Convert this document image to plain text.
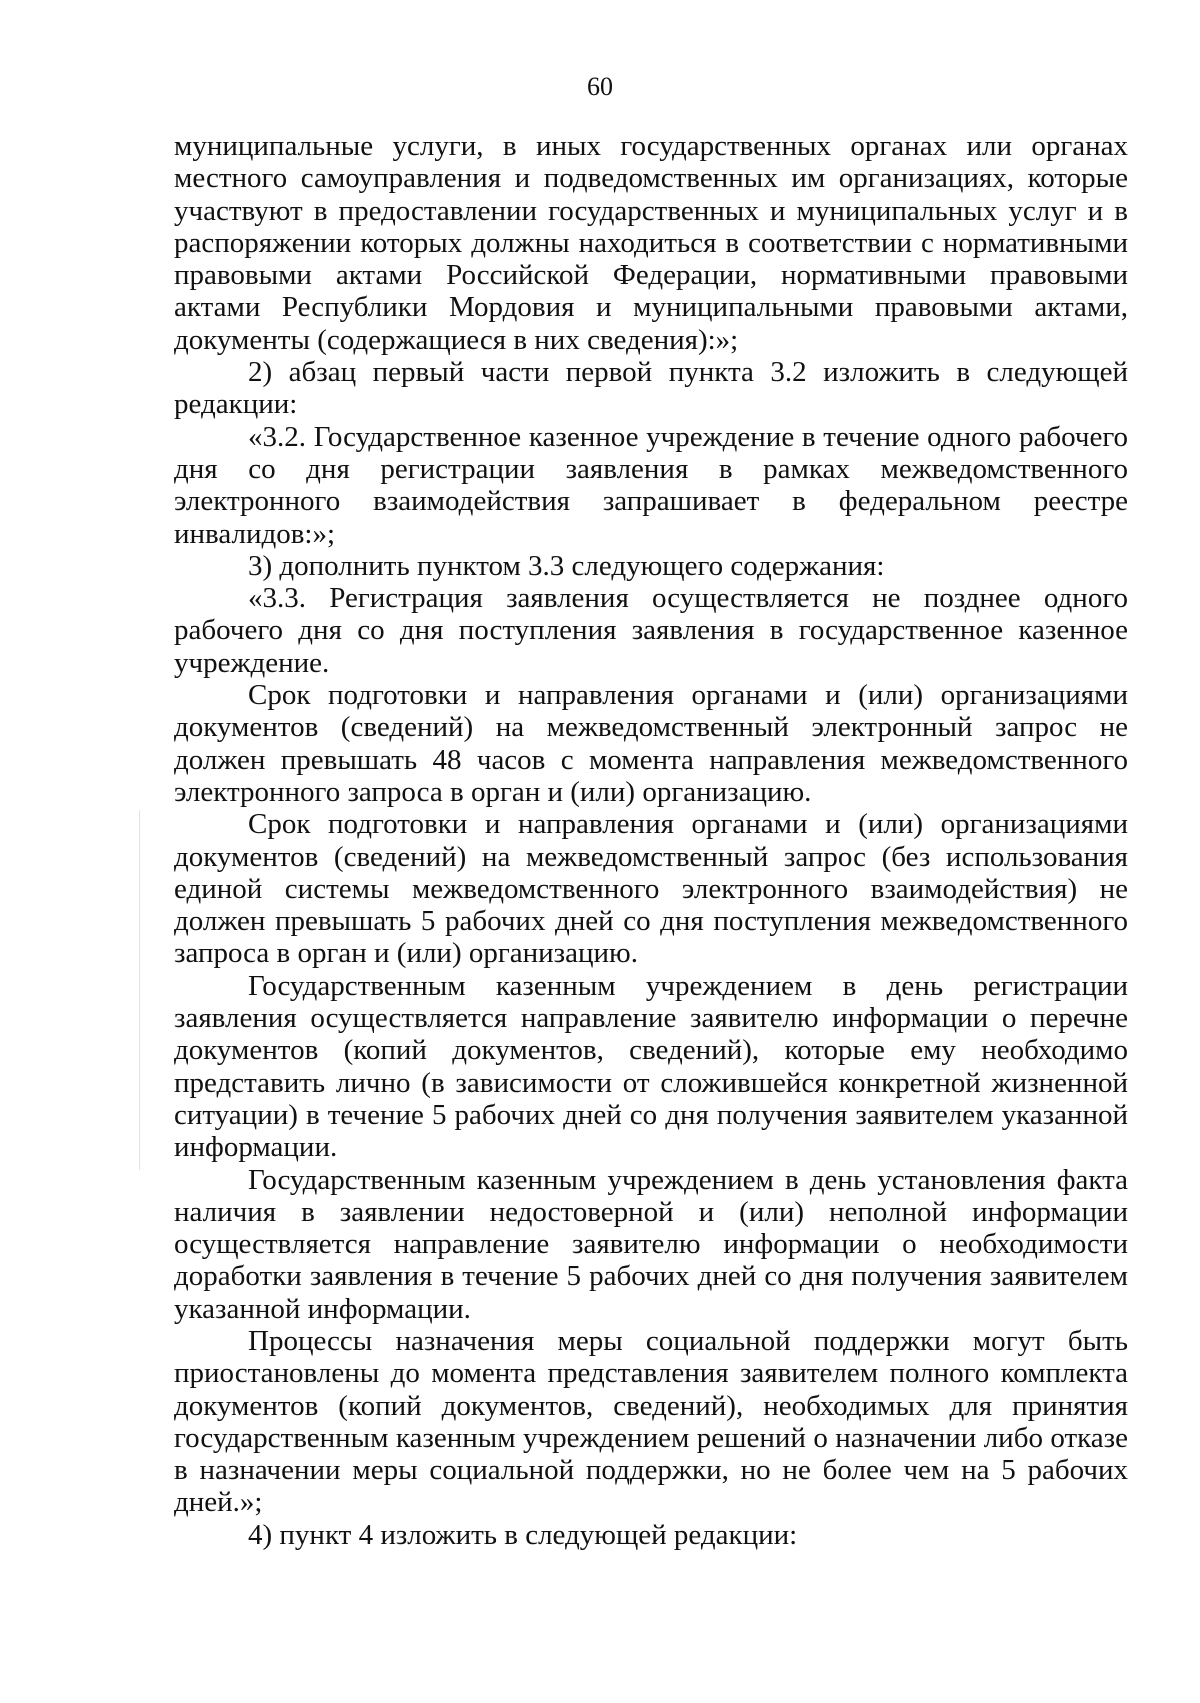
60

муниципальные услуги, в иных государственных органах или органах местного самоуправления и подведомственных им организациях, которые участвуют в предоставлении государственных и муниципальных услуг и в распоряжении которых должны находиться в соответствии с нормативными правовыми актами Российской Федерации, нормативными правовыми актами Республики Мордовия и муниципальными правовыми актами, документы (содержащиеся в них сведения):»;

2) абзац первый части первой пункта 3.2 изложить в следующей редакции:

«3.2. Государственное казенное учреждение в течение одного рабочего дня со дня регистрации заявления в рамках межведомственного электронного взаимодействия запрашивает в федеральном реестре инвалидов:»;

3) дополнить пунктом 3.3 следующего содержания:

«3.3. Регистрация заявления осуществляется не позднее одного рабочего дня со дня поступления заявления в государственное казенное учреждение.

Срок подготовки и направления органами и (или) организациями документов (сведений) на межведомственный электронный запрос не должен превышать 48 часов с момента направления межведомственного электронного запроса в орган и (или) организацию.

Срок подготовки и направления органами и (или) организациями документов (сведений) на межведомственный запрос (без использования единой системы межведомственного электронного взаимодействия) не должен превышать 5 рабочих дней со дня поступления межведомственного запроса в орган и (или) организацию.

Государственным казенным учреждением в день регистрации заявления осуществляется направление заявителю информации о перечне документов (копий документов, сведений), которые ему необходимо представить лично (в зависимости от сложившейся конкретной жизненной ситуации) в течение 5 рабочих дней со дня получения заявителем указанной информации.

Государственным казенным учреждением в день установления факта наличия в заявлении недостоверной и (или) неполной информации осуществляется направление заявителю информации о необходимости доработки заявления в течение 5 рабочих дней со дня получения заявителем указанной информации.

Процессы назначения меры социальной поддержки могут быть приостановлены до момента представления заявителем полного комплекта документов (копий документов, сведений), необходимых для принятия государственным казенным учреждением решений о назначении либо отказе в назначении меры социальной поддержки, но не более чем на 5 рабочих дней.»;

4) пункт 4 изложить в следующей редакции:
